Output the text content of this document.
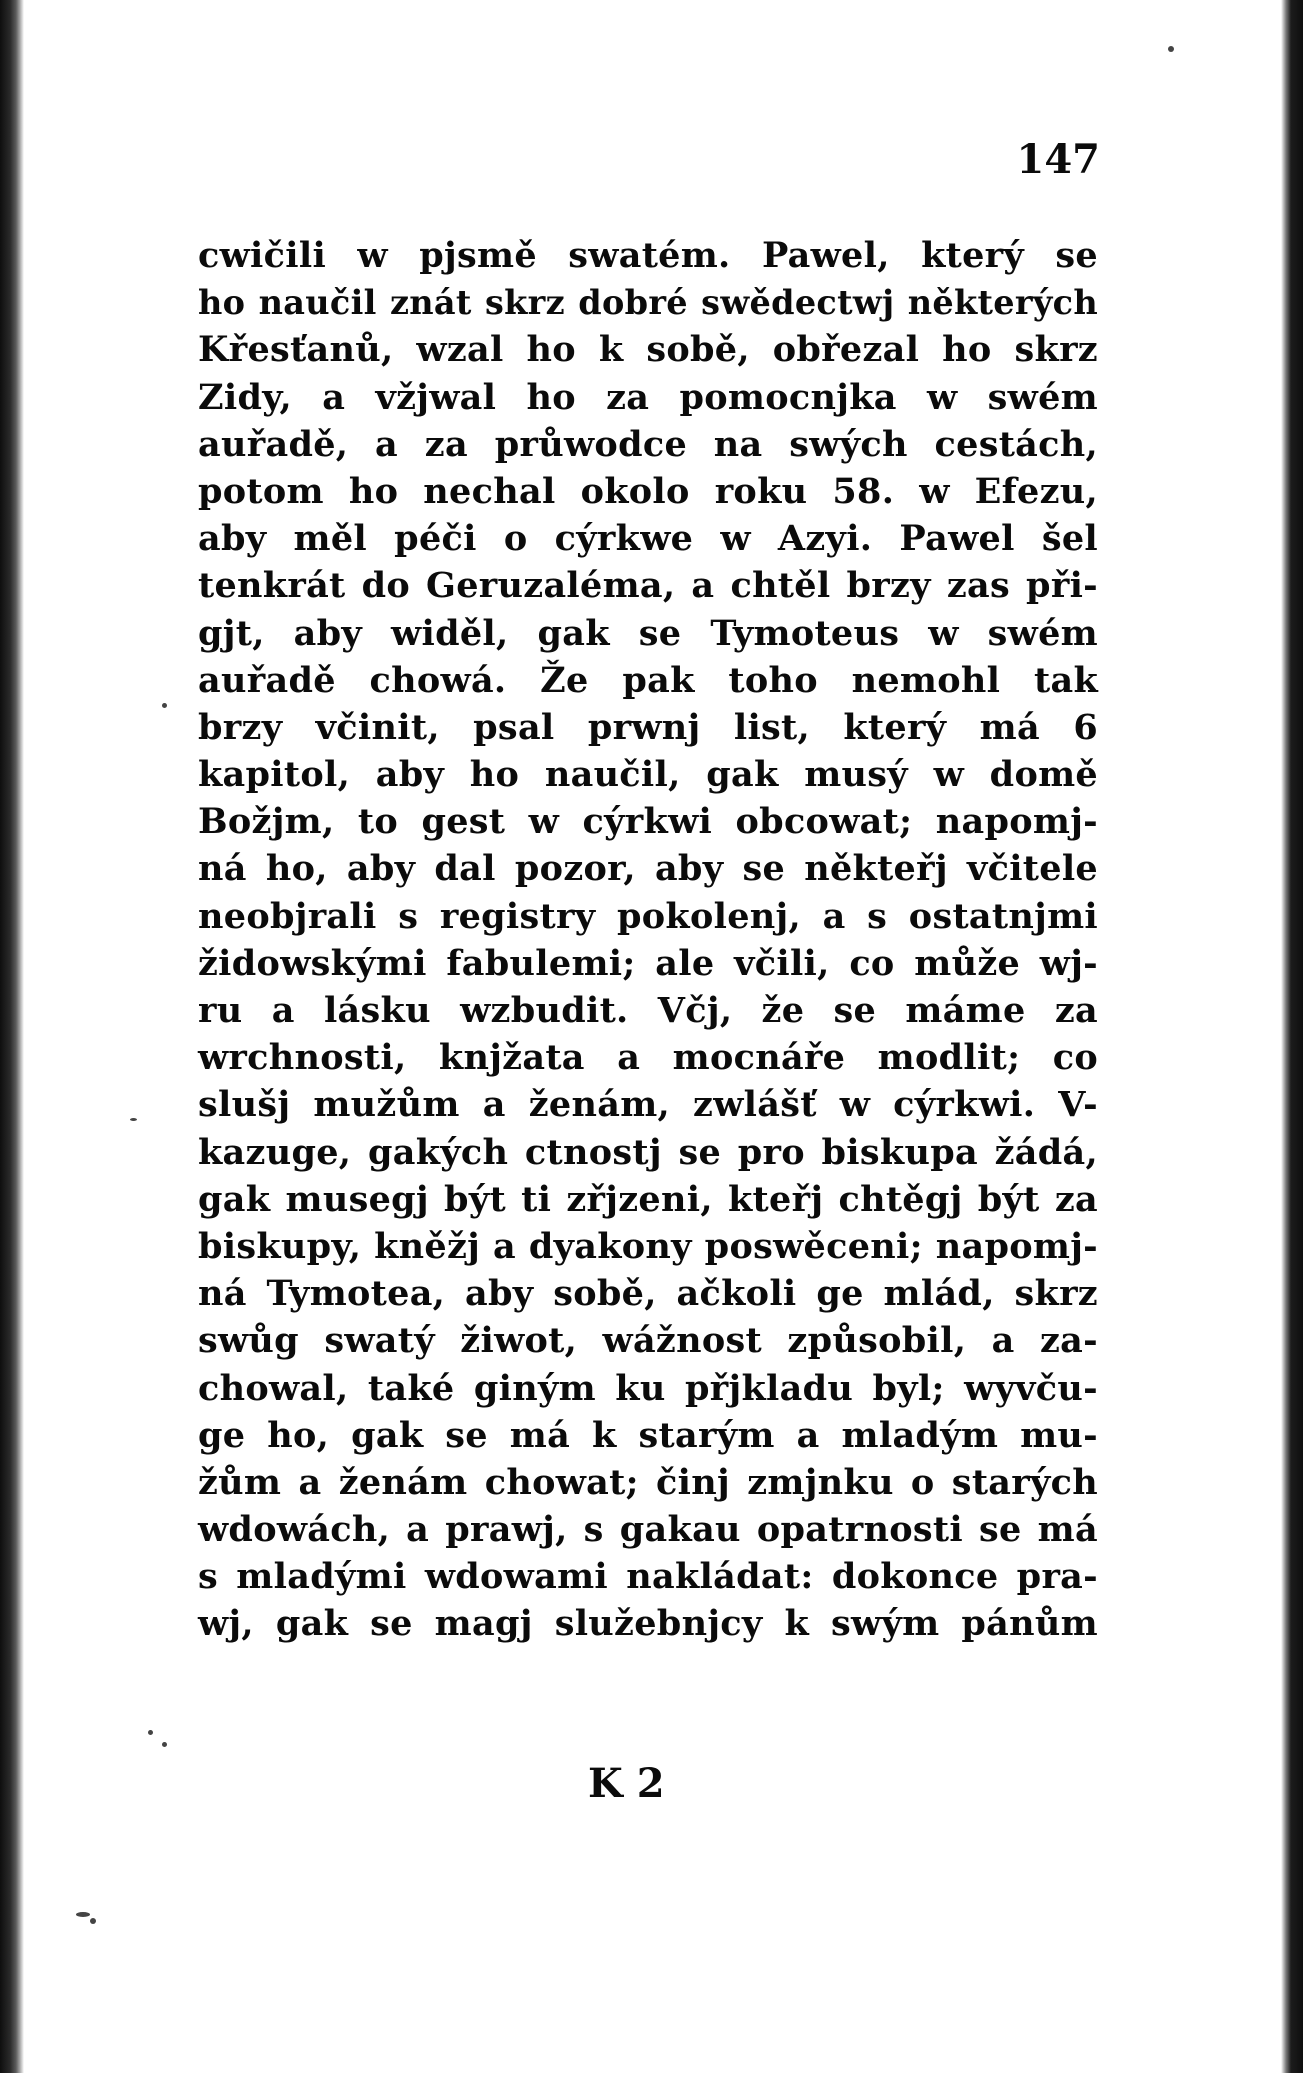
147
cwičili w pjsmě swatém. Pawel, který se
ho naučil znát skrz dobré swědectwj některých
Křesťanů, wzal ho k sobě, obřezal ho skrz
Zidy, a vžjwal ho za pomocnjka w swém
auřadě, a za průwodce na swých cestách,
potom ho nechal okolo roku 58. w Efezu,
aby měl péči o cýrkwe w Azyi. Pawel šel
tenkrát do Geruzaléma, a chtěl brzy zas při-
gjt, aby widěl, gak se Tymoteus w swém
auřadě chowá. Že pak toho nemohl tak
brzy včinit, psal prwnj list, který má 6
kapitol, aby ho naučil, gak musý w domě
Božjm, to gest w cýrkwi obcowat; napomj-
ná ho, aby dal pozor, aby se někteřj včitele
neobjrali s registry pokolenj, a s ostatnjmi
židowskými fabulemi; ale včili, co může wj-
ru a lásku wzbudit. Včj, že se máme za
wrchnosti, knjžata a mocnáře modlit; co
slušj mužům a ženám, zwlášť w cýrkwi. V-
kazuge, gakých ctnostj se pro biskupa žádá,
gak musegj být ti zřjzeni, kteřj chtěgj být za
biskupy, kněžj a dyakony poswěceni; napomj-
ná Tymotea, aby sobě, ačkoli ge mlád, skrz
swůg swatý žiwot, wážnost způsobil, a za-
chowal, také giným ku přjkladu byl; wyvču-
ge ho, gak se má k starým a mladým mu-
žům a ženám chowat; činj zmjnku o starých
wdowách, a prawj, s gakau opatrnosti se má
s mladými wdowami nakládat: dokonce pra-
wj, gak se magj služebnjcy k swým pánům
K 2
